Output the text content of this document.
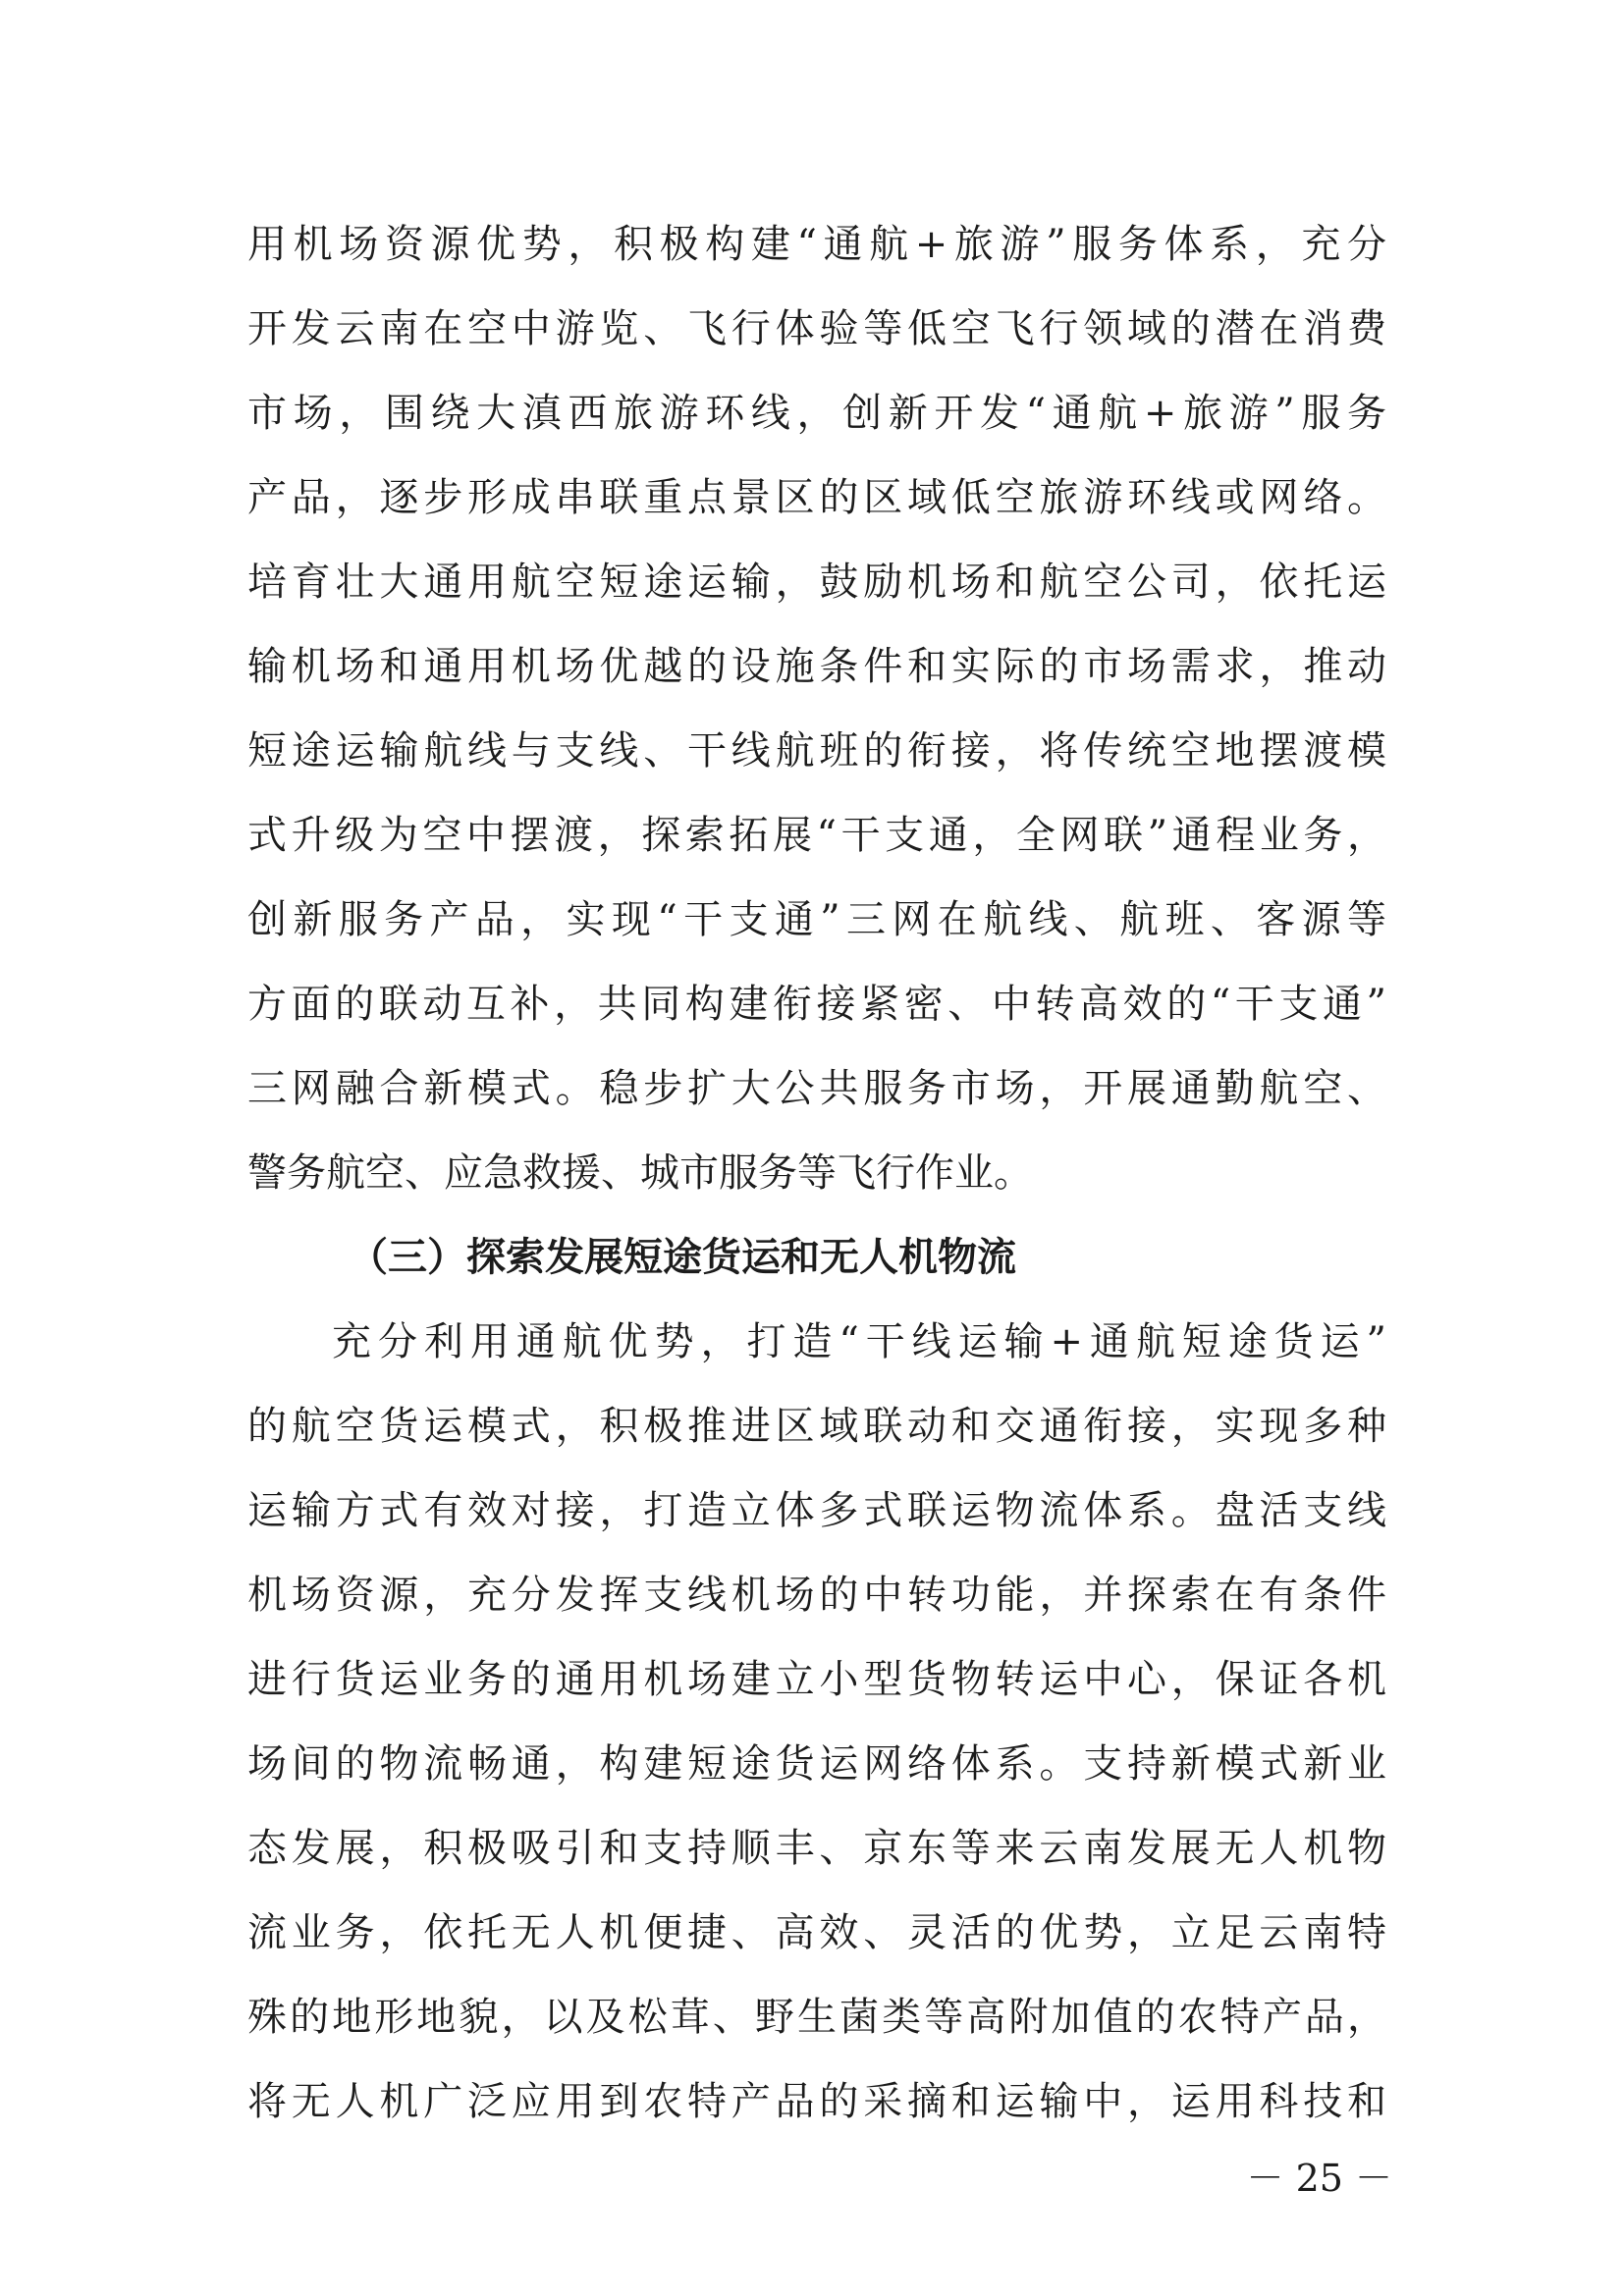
用机场资源优势，积极构建“通航+旅游”服务体系，充分
开发云南在空中游览、飞行体验等低空飞行领域的潜在消费
市场，围绕大滇西旅游环线，创新开发“通航+旅游”服务
产品，逐步形成串联重点景区的区域低空旅游环线或网络。
培育壮大通用航空短途运输，鼓励机场和航空公司，依托运
输机场和通用机场优越的设施条件和实际的市场需求，推动
短途运输航线与支线、干线航班的衔接，将传统空地摆渡模
式升级为空中摆渡，探索拓展“干支通，全网联”通程业务，
创新服务产品，实现“干支通”三网在航线、航班、客源等
方面的联动互补，共同构建衔接紧密、中转高效的“干支通”
三网融合新模式。稳步扩大公共服务市场，开展通勤航空、
警务航空、应急救援、城市服务等飞行作业。
（三）探索发展短途货运和无人机物流
充分利用通航优势，打造“干线运输+通航短途货运”
的航空货运模式，积极推进区域联动和交通衔接，实现多种
运输方式有效对接，打造立体多式联运物流体系。盘活支线
机场资源，充分发挥支线机场的中转功能，并探索在有条件
进行货运业务的通用机场建立小型货物转运中心，保证各机
场间的物流畅通，构建短途货运网络体系。支持新模式新业
态发展，积极吸引和支持顺丰、京东等来云南发展无人机物
流业务，依托无人机便捷、高效、灵活的优势，立足云南特
殊的地形地貌，以及松茸、野生菌类等高附加值的农特产品，
将无人机广泛应用到农特产品的采摘和运输中，运用科技和
－ 25 －
